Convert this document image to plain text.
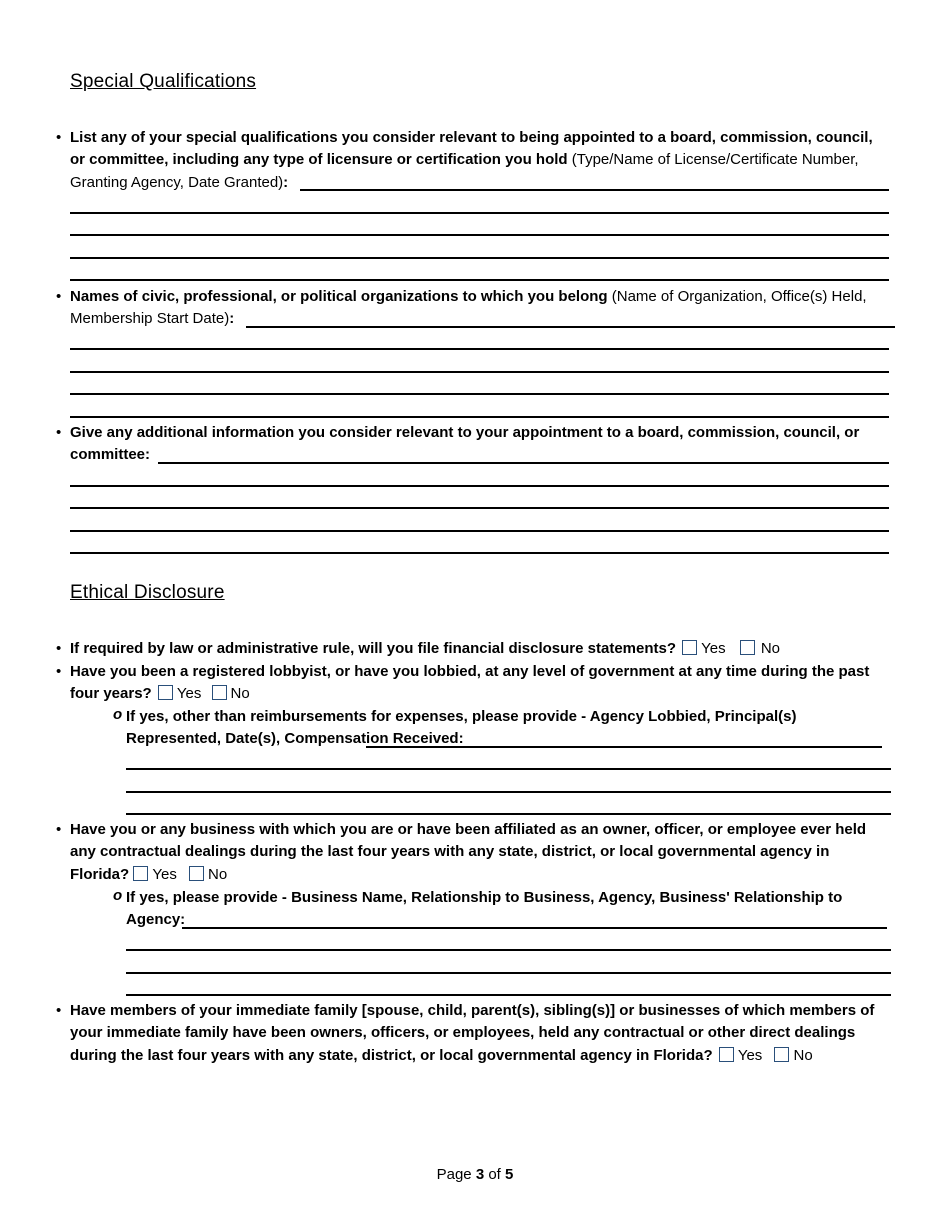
Special Qualifications
• List any of your special qualifications you consider relevant to being appointed to a board, commission, council, or committee, including any type of licensure or certification you hold (Type/Name of License/Certificate Number, Granting Agency, Date Granted):
• Names of civic, professional, or political organizations to which you belong (Name of Organization, Office(s) Held, Membership Start Date):
• Give any additional information you consider relevant to your appointment to a board, commission, council, or committee:
Ethical Disclosure
• If required by law or administrative rule, will you file financial disclosure statements? Yes No
• Have you been a registered lobbyist, or have you lobbied, at any level of government at any time during the past four years? Yes No
o If yes, other than reimbursements for expenses, please provide - Agency Lobbied, Principal(s) Represented, Date(s), Compensation Received:
• Have you or any business with which you are or have been affiliated as an owner, officer, or employee ever held any contractual dealings during the last four years with any state, district, or local governmental agency in Florida? Yes No
o If yes, please provide - Business Name, Relationship to Business, Agency, Business' Relationship to Agency:
• Have members of your immediate family [spouse, child, parent(s), sibling(s)] or businesses of which members of your immediate family have been owners, officers, or employees, held any contractual or other direct dealings during the last four years with any state, district, or local governmental agency in Florida? Yes No
Page 3 of 5
